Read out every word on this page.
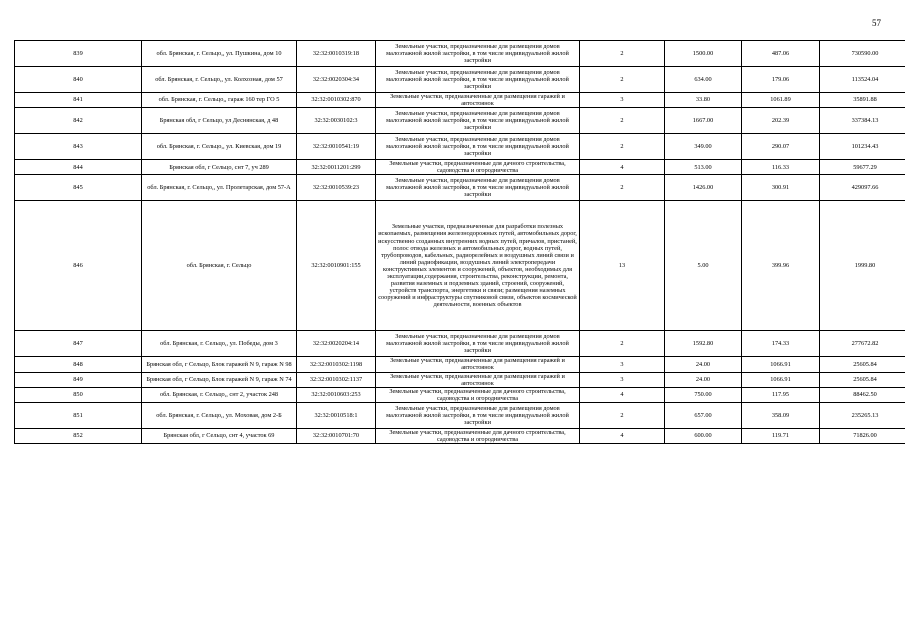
57
839	обл. Брянская, г. Сельцо,, ул. Пушкина, дом 10	32:32:0010319:18	Земельные участки, предназначенные для размещения домов малоэтажной жилой застройки, в том числе индивидуальной жилой застройки	2	1500.00	487.06	730590.00
840	обл. Брянская, г. Сельцо,, ул. Колхозная, дом 57	32:32:0020304:34	Земельные участки, предназначенные для размещения домов малоэтажной жилой застройки, в том числе индивидуальной жилой застройки	2	634.00	179.06	113524.04
841	обл. Брянская, г. Сельцо,, гараж 160 тер ГО 5	32:32:0010302:870	Земельные участки, предназначенные для размещения гаражей и автостоянок	3	33.80	1061.89	35891.88
842	Брянская обл, г Сельцо, ул Деснянская, д 48	32:32:0030102:3	Земельные участки, предназначенные для размещения домов малоэтажной жилой застройки, в том числе индивидуальной жилой застройки	2	1667.00	202.39	337384.13
843	обл. Брянская, г. Сельцо,, ул. Киевская, дом 19	32:32:0010541:19	Земельные участки, предназначенные для размещения домов малоэтажной жилой застройки, в том числе индивидуальной жилой застройки	2	349.00	290.07	101234.43
844	Брянская обл, г Сельцо, снт 7, уч 289	32:32:0011201:299	Земельные участки, предназначенные для дачного строительства, садоводства и огородничества	4	513.00	116.33	59677.29
845	обл. Брянская, г. Сельцо,, ул. Пролетарская, дом 57-А	32:32:0010539:23	Земельные участки, предназначенные для размещения домов малоэтажной жилой застройки, в том числе индивидуальной жилой застройки	2	1426.00	300.91	429097.66
846	обл. Брянская, г. Сельцо	32:32:0010901:155	Земельные участки, предназначенные для разработки полезных ископаемых, размещения железнодорожных путей, автомобильных дорог, искусственно созданных внутренних водных путей, причалов, пристаней, полос отвода железных и автомобильных дорог, водных путей, трубопроводов, кабельных, радиорелейных и воздушных линий связи и линий радиофикации, воздушных линий электропередачи конструктивных элементов и сооружений, объектов, необходимых для эксплуатации,содержания, строительства, реконструкции, ремонта, развития наземных и подземных зданий, строений, сооружений, устройств транспорта, энергетики и связи; размещения наземных сооружений и инфраструктуры спутниковой связи, объектов космической деятельности, военных объектов	13	5.00	399.96	1999.80
847	обл. Брянская, г. Сельцо,, ул. Победы, дом 3	32:32:0020204:14	Земельные участки, предназначенные для размещения домов малоэтажной жилой застройки, в том числе индивидуальной жилой застройки	2	1592.80	174.33	277672.82
848	Брянская обл, г Сельцо, Блок гаражей N 9, гараж N 98	32:32:0010302:1198	Земельные участки, предназначенные для размещения гаражей и автостоянок	3	24.00	1066.91	25605.84
849	Брянская обл, г Сельцо, Блок гаражей N 9, гараж N 74	32:32:0010302:1137	Земельные участки, предназначенные для размещения гаражей и автостоянок	3	24.00	1066.91	25605.84
850	обл. Брянская, г. Сельцо,, снт 2, участок 248	32:32:0010603:253	Земельные участки, предназначенные для дачного строительства, садоводства и огородничества	4	750.00	117.95	88462.50
851	обл. Брянская, г. Сельцо,, ул. Моховая, дом 2-Б	32:32:0010518:1	Земельные участки, предназначенные для размещения домов малоэтажной жилой застройки, в том числе индивидуальной жилой застройки	2	657.00	358.09	235265.13
852	Брянская обл, г Сельцо, снт 4, участок 69	32:32:0010701:70	Земельные участки, предназначенные для дачного строительства, садоводства и огородничества	4	600.00	119.71	71826.00
